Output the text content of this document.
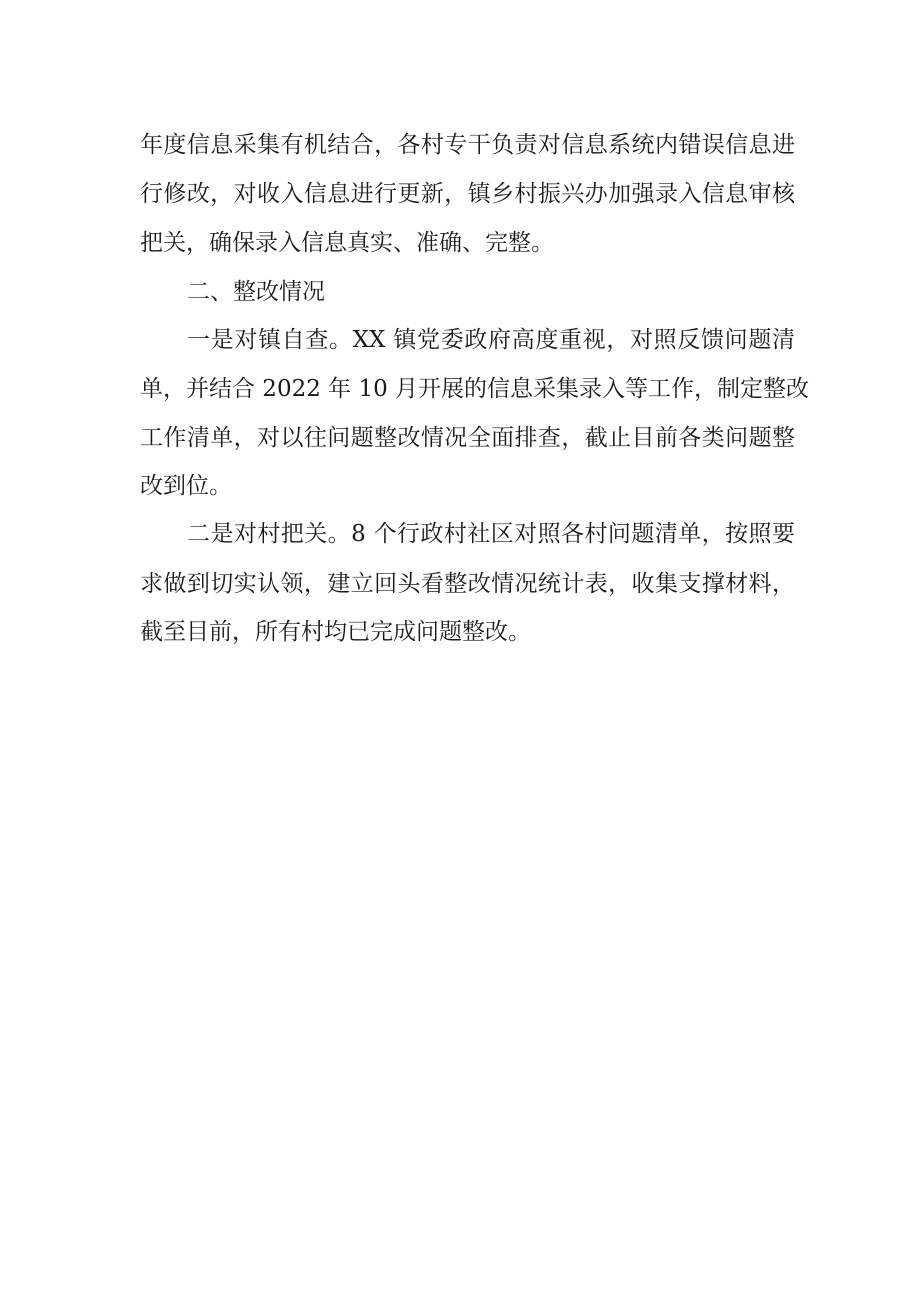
年度信息采集有机结合，各村专干负责对信息系统内错误信息进

行修改，对收入信息进行更新，镇乡村振兴办加强录入信息审核

把关，确保录入信息真实、准确、完整。

二、整改情况

一是对镇自查。XX 镇党委政府高度重视，对照反馈问题清

单，并结合 2022 年 10 月开展的信息采集录入等工作，制定整改

工作清单，对以往问题整改情况全面排查，截止目前各类问题整

改到位。

二是对村把关。8 个行政村社区对照各村问题清单，按照要

求做到切实认领，建立回头看整改情况统计表，收集支撑材料，

截至目前，所有村均已完成问题整改。
